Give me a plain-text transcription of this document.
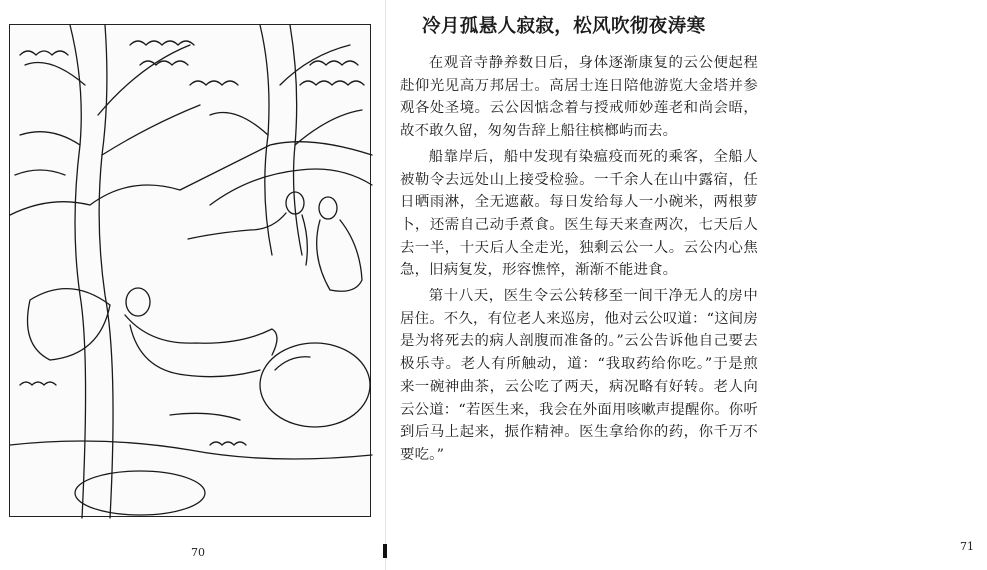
70
冷月孤悬人寂寂，松风吹彻夜涛寒

在观音寺静养数日后，身体逐渐康复的云公便起程赴仰光见高万邦居士。高居士连日陪他游览大金塔并参观各处圣境。云公因惦念着与授戒师妙莲老和尚会晤，故不敢久留，匆匆告辞上船往槟榔屿而去。

船靠岸后，船中发现有染瘟疫而死的乘客，全船人被勒令去远处山上接受检验。一千余人在山中露宿，任日晒雨淋，全无遮蔽。每日发给每人一小碗米，两根萝卜，还需自己动手煮食。医生每天来查两次，七天后人去一半，十天后人全走光，独剩云公一人。云公内心焦急，旧病复发，形容憔悴，渐渐不能进食。

第十八天，医生令云公转移至一间干净无人的房中居住。不久，有位老人来巡房，他对云公叹道：“这间房是为将死去的病人剖腹而准备的。”云公告诉他自己要去极乐寺。老人有所触动，道：“我取药给你吃。”于是煎来一碗神曲茶，云公吃了两天，病况略有好转。老人向云公道：“若医生来，我会在外面用咳嗽声提醒你。你听到后马上起来，振作精神。医生拿给你的药，你千万不要吃。”

71
